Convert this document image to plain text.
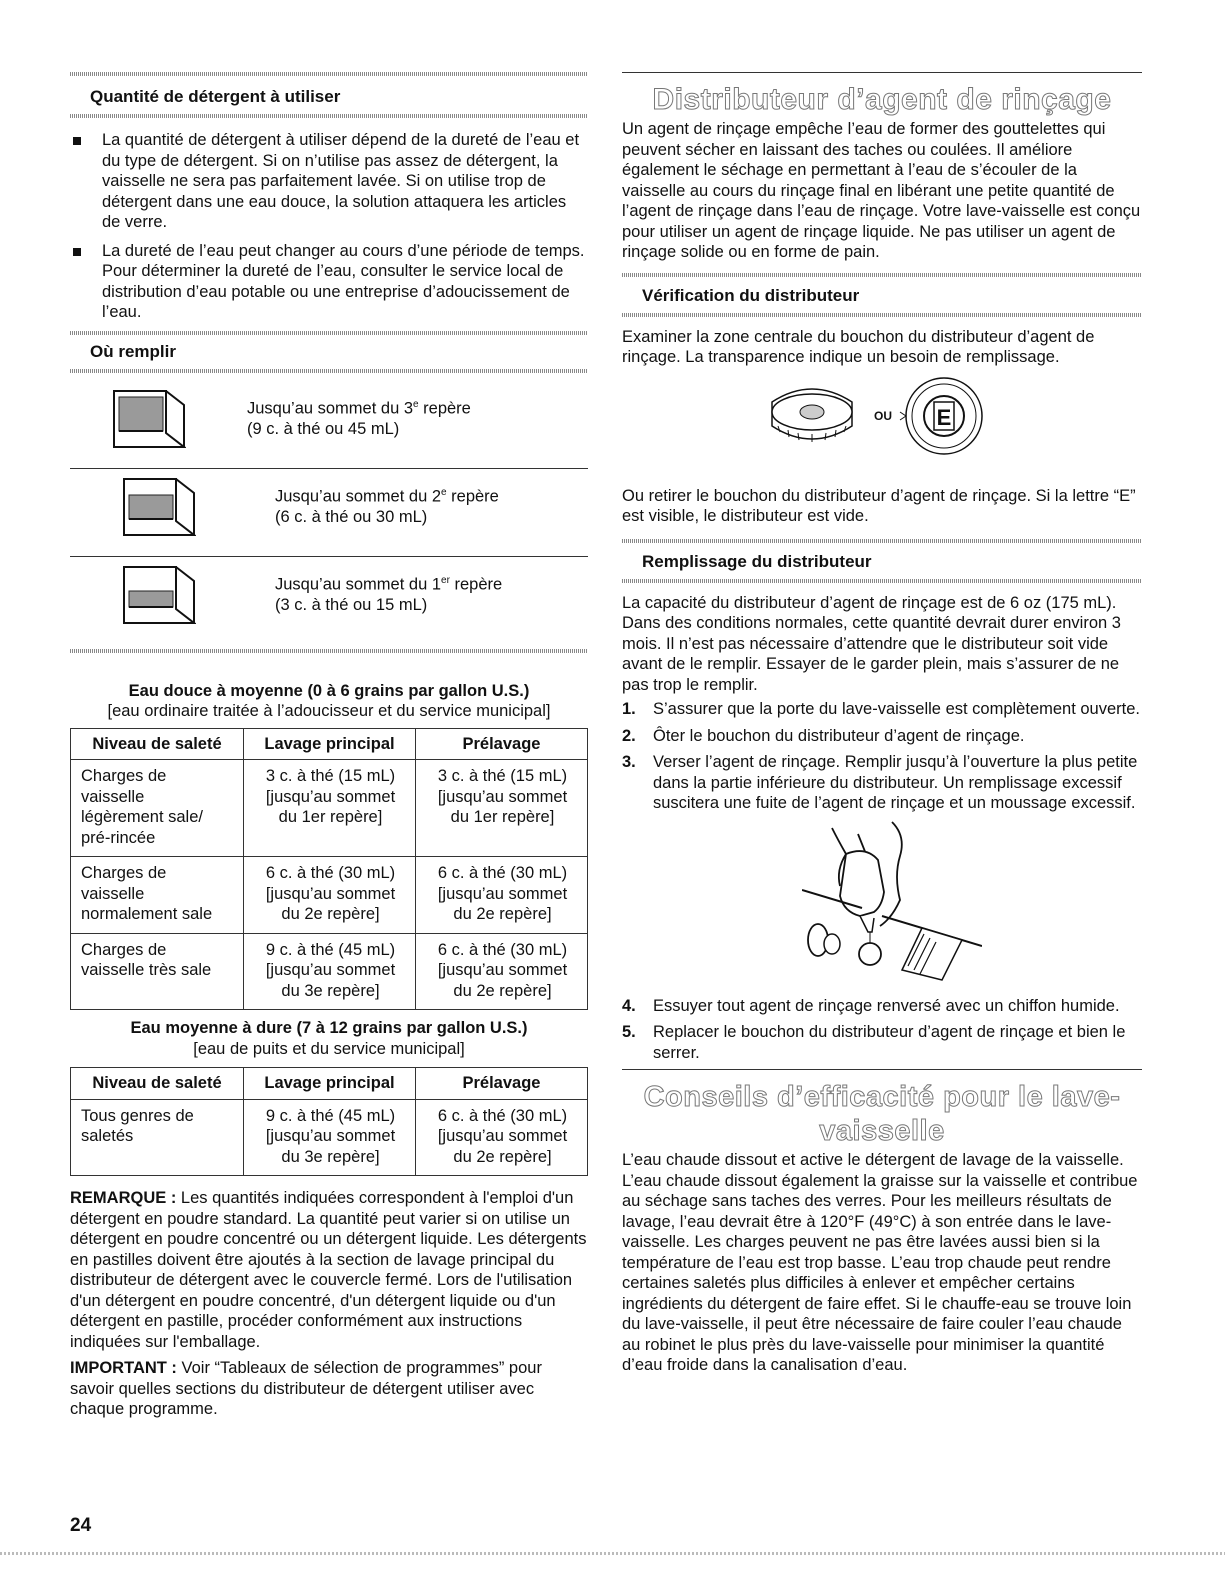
Quantité de détergent à utiliser
La quantité de détergent à utiliser dépend de la dureté de l’eau et du type de détergent. Si on n’utilise pas assez de détergent, la vaisselle ne sera pas parfaitement lavée. Si on utilise trop de détergent dans une eau douce, la solution attaquera les articles de verre.
La dureté de l’eau peut changer au cours d’une période de temps. Pour déterminer la dureté de l’eau, consulter le service local de distribution d’eau potable ou une entreprise d’adoucissement de l’eau.
Où remplir
Jusqu’au sommet du 3e repère
(9 c. à thé ou 45 mL)
Jusqu’au sommet du 2e repère
(6 c. à thé ou 30 mL)
Jusqu’au sommet du 1er repère
(3 c. à thé ou 15 mL)
Eau douce à moyenne (0 à 6 grains par gallon U.S.)
[eau ordinaire traitée à l’adoucisseur et du service municipal]
Niveau de saleté	Lavage principal	Prélavage
Charges de
vaisselle
légèrement sale/
pré-rincée	3 c. à thé (15 mL)
[jusqu’au sommet
du 1er repère]	3 c. à thé (15 mL)
[jusqu’au sommet
du 1er repère]
Charges de
vaisselle
normalement sale	6 c. à thé (30 mL)
[jusqu’au sommet
du 2e repère]	6 c. à thé (30 mL)
[jusqu’au sommet
du 2e repère]
Charges de
vaisselle très sale	9 c. à thé (45 mL)
[jusqu’au sommet
du 3e repère]	6 c. à thé (30 mL)
[jusqu’au sommet
du 2e repère]
Eau moyenne à dure (7 à 12 grains par gallon U.S.)
[eau de puits et du service municipal]
Niveau de saleté	Lavage principal	Prélavage
Tous genres de
saletés	9 c. à thé (45 mL)
[jusqu’au sommet
du 3e repère]	6 c. à thé (30 mL)
[jusqu’au sommet
du 2e repère]

REMARQUE : Les quantités indiquées correspondent à l'emploi d'un détergent en poudre standard. La quantité peut varier si on utilise un détergent en poudre concentré ou un détergent liquide. Les détergents en pastilles doivent être ajoutés à la section de lavage principal du distributeur de détergent avec le couvercle fermé. Lors de l'utilisation d'un détergent en poudre concentré, d'un détergent liquide ou d'un détergent en pastille, procéder conformément aux instructions indiquées sur l'emballage.

IMPORTANT : Voir “Tableaux de sélection de programmes” pour savoir quelles sections du distributeur de détergent utiliser avec chaque programme.

Distributeur d’agent de rinçage

Un agent de rinçage empêche l’eau de former des gouttelettes qui peuvent sécher en laissant des taches ou coulées. Il améliore également le séchage en permettant à l’eau de s’écouler de la vaisselle au cours du rinçage final en libérant une petite quantité de l’agent de rinçage dans l’eau de rinçage. Votre lave-vaisselle est conçu pour utiliser un agent de rinçage liquide. Ne pas utiliser un agent de rinçage solide ou en forme de pain.

Vérification du distributeur

Examiner la zone centrale du bouchon du distributeur d’agent de rinçage. La transparence indique un besoin de remplissage.

OU E

Ou retirer le bouchon du distributeur d’agent de rinçage. Si la lettre “E” est visible, le distributeur est vide.

Remplissage du distributeur

La capacité du distributeur d’agent de rinçage est de 6 oz (175 mL). Dans des conditions normales, cette quantité devrait durer environ 3 mois. Il n’est pas nécessaire d’attendre que le distributeur soit vide avant de le remplir. Essayer de le garder plein, mais s’assurer de ne pas trop le remplir.

1. S’assurer que la porte du lave-vaisselle est complètement ouverte.
2. Ôter le bouchon du distributeur d’agent de rinçage.
3. Verser l’agent de rinçage. Remplir jusqu’à l’ouverture la plus petite dans la partie inférieure du distributeur. Un remplissage excessif suscitera une fuite de l’agent de rinçage et un moussage excessif.
4. Essuyer tout agent de rinçage renversé avec un chiffon humide.
5. Replacer le bouchon du distributeur d’agent de rinçage et bien le serrer.
Conseils d’efficacité pour le lave-vaisselle

L’eau chaude dissout et active le détergent de lavage de la vaisselle. L’eau chaude dissout également la graisse sur la vaisselle et contribue au séchage sans taches des verres. Pour les meilleurs résultats de lavage, l’eau devrait être à 120°F (49°C) à son entrée dans le lave-vaisselle. Les charges peuvent ne pas être lavées aussi bien si la température de l’eau est trop basse. L’eau trop chaude peut rendre certaines saletés plus difficiles à enlever et empêcher certains ingrédients du détergent de faire effet. Si le chauffe-eau se trouve loin du lave-vaisselle, il peut être nécessaire de faire couler l’eau chaude au robinet le plus près du lave-vaisselle pour minimiser la quantité d’eau froide dans la canalisation d’eau.

24
